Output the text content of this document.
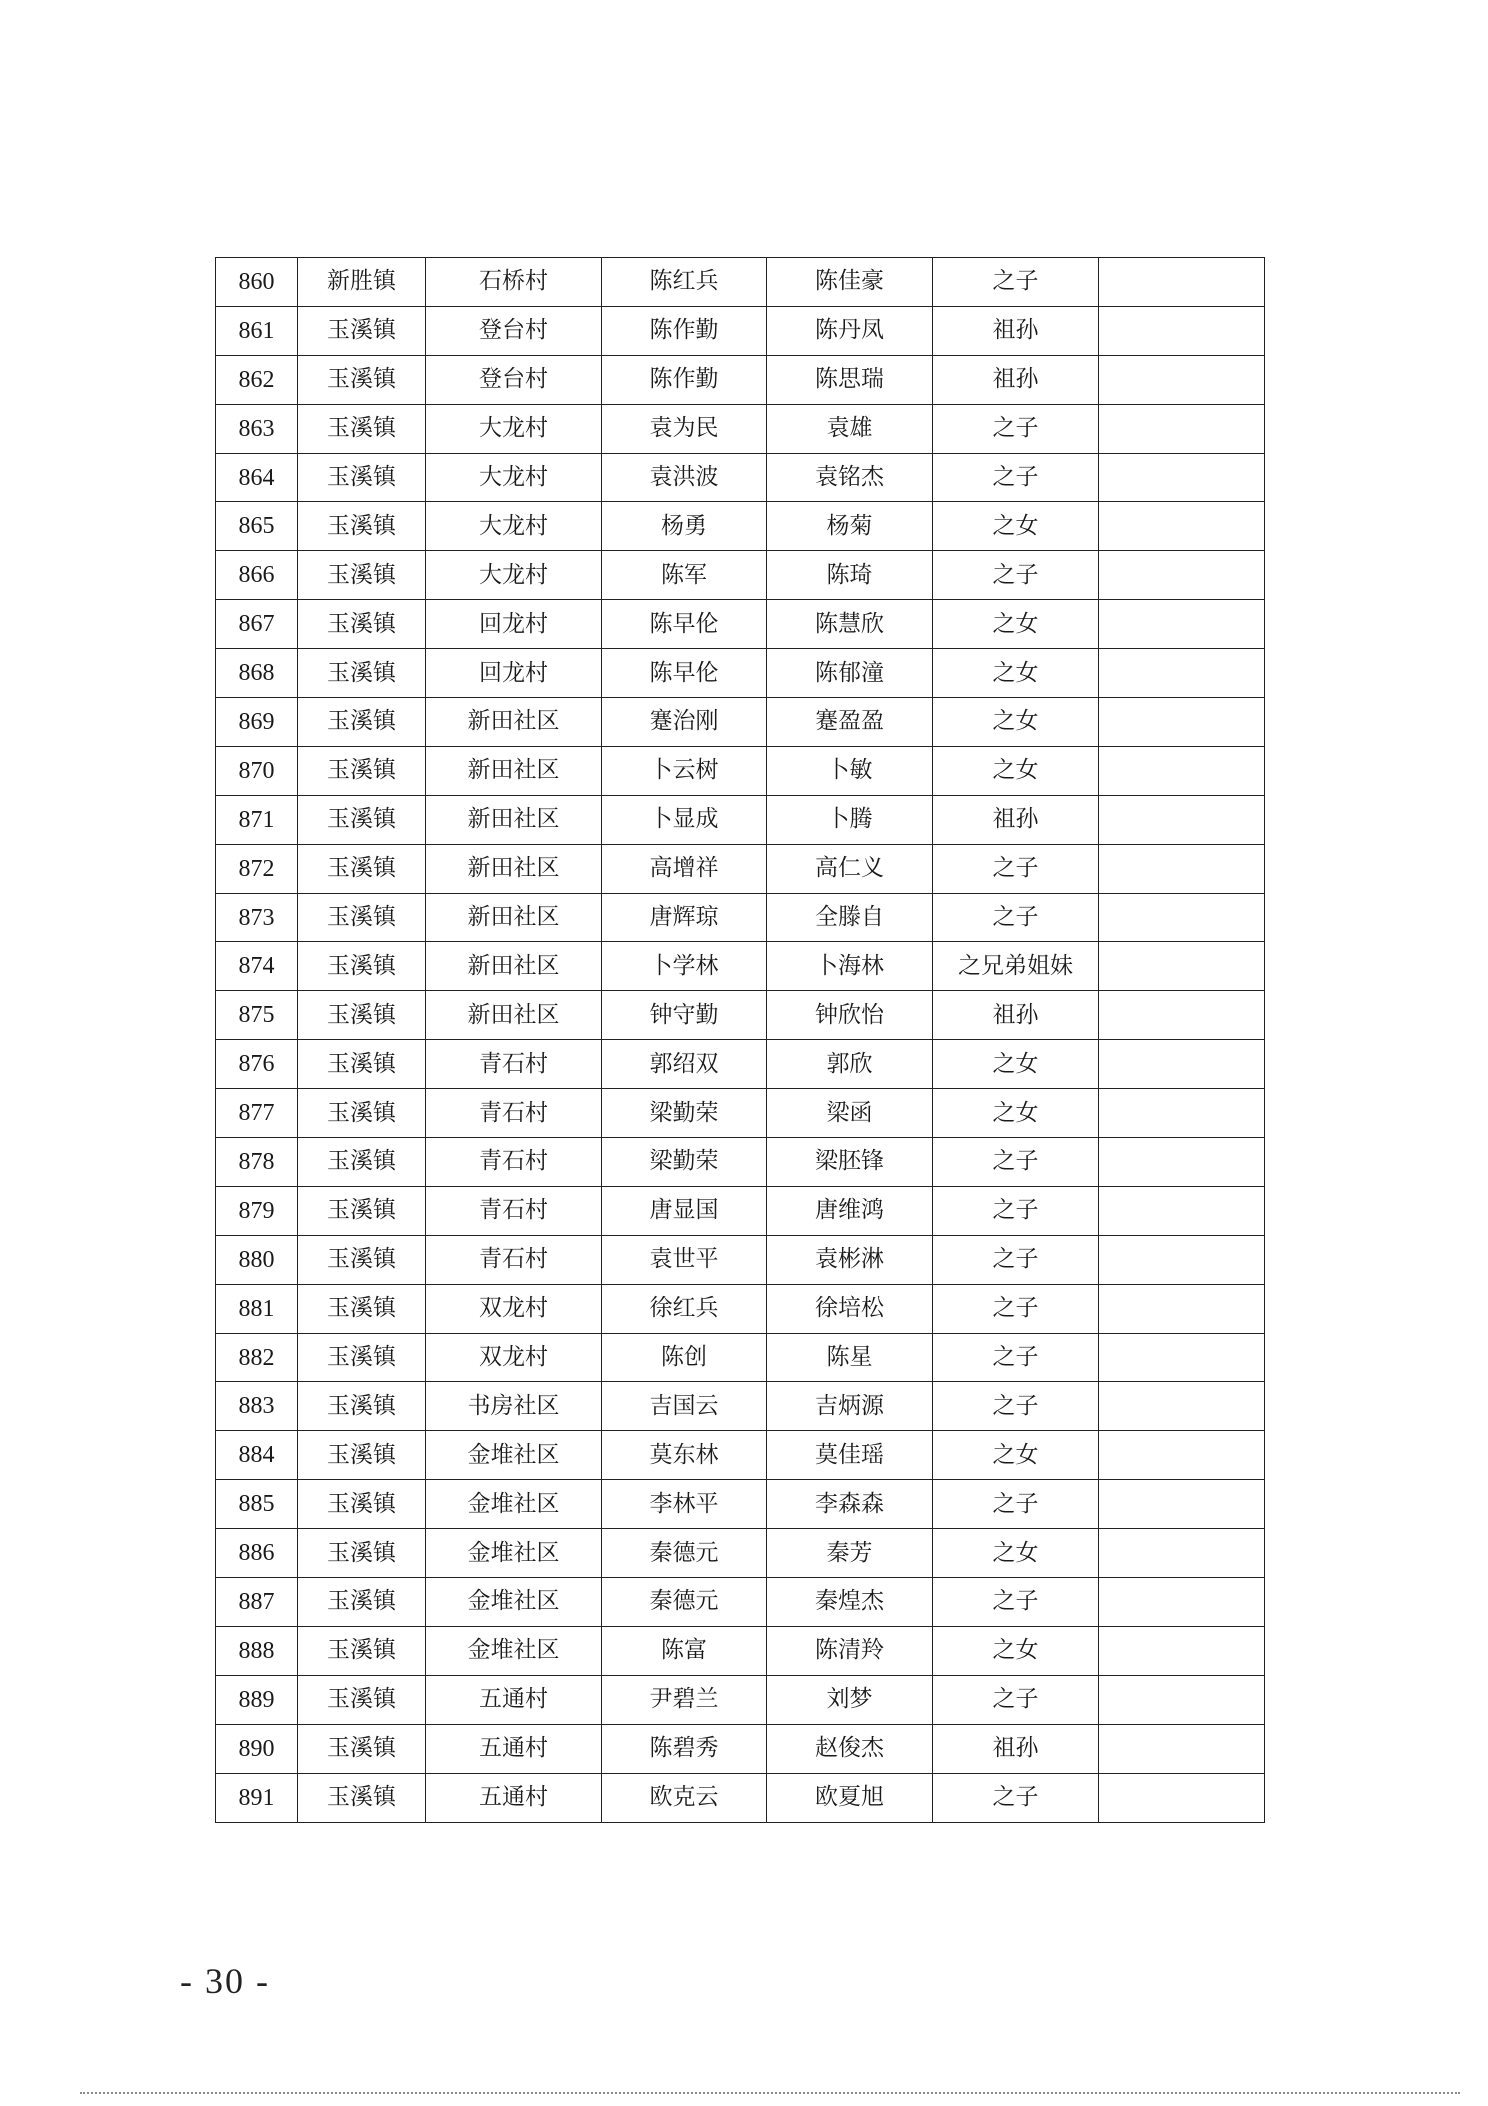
860	新胜镇	石桥村	陈红兵	陈佳豪	之子	
861	玉溪镇	登台村	陈作勤	陈丹凤	祖孙	
862	玉溪镇	登台村	陈作勤	陈思瑞	祖孙	
863	玉溪镇	大龙村	袁为民	袁雄	之子	
864	玉溪镇	大龙村	袁洪波	袁铭杰	之子	
865	玉溪镇	大龙村	杨勇	杨菊	之女	
866	玉溪镇	大龙村	陈军	陈琦	之子	
867	玉溪镇	回龙村	陈早伦	陈慧欣	之女	
868	玉溪镇	回龙村	陈早伦	陈郁潼	之女	
869	玉溪镇	新田社区	蹇治刚	蹇盈盈	之女	
870	玉溪镇	新田社区	卜云树	卜敏	之女	
871	玉溪镇	新田社区	卜显成	卜腾	祖孙	
872	玉溪镇	新田社区	高增祥	高仁义	之子	
873	玉溪镇	新田社区	唐辉琼	全滕自	之子	
874	玉溪镇	新田社区	卜学林	卜海林	之兄弟姐妹	
875	玉溪镇	新田社区	钟守勤	钟欣怡	祖孙	
876	玉溪镇	青石村	郭绍双	郭欣	之女	
877	玉溪镇	青石村	梁勤荣	梁函	之女	
878	玉溪镇	青石村	梁勤荣	梁胚锋	之子	
879	玉溪镇	青石村	唐显国	唐维鸿	之子	
880	玉溪镇	青石村	袁世平	袁彬淋	之子	
881	玉溪镇	双龙村	徐红兵	徐培松	之子	
882	玉溪镇	双龙村	陈创	陈星	之子	
883	玉溪镇	书房社区	吉国云	吉炳源	之子	
884	玉溪镇	金堆社区	莫东林	莫佳瑶	之女	
885	玉溪镇	金堆社区	李林平	李森森	之子	
886	玉溪镇	金堆社区	秦德元	秦芳	之女	
887	玉溪镇	金堆社区	秦德元	秦煌杰	之子	
888	玉溪镇	金堆社区	陈富	陈清羚	之女	
889	玉溪镇	五通村	尹碧兰	刘梦	之子	
890	玉溪镇	五通村	陈碧秀	赵俊杰	祖孙	
891	玉溪镇	五通村	欧克云	欧夏旭	之子	
- 30 -
